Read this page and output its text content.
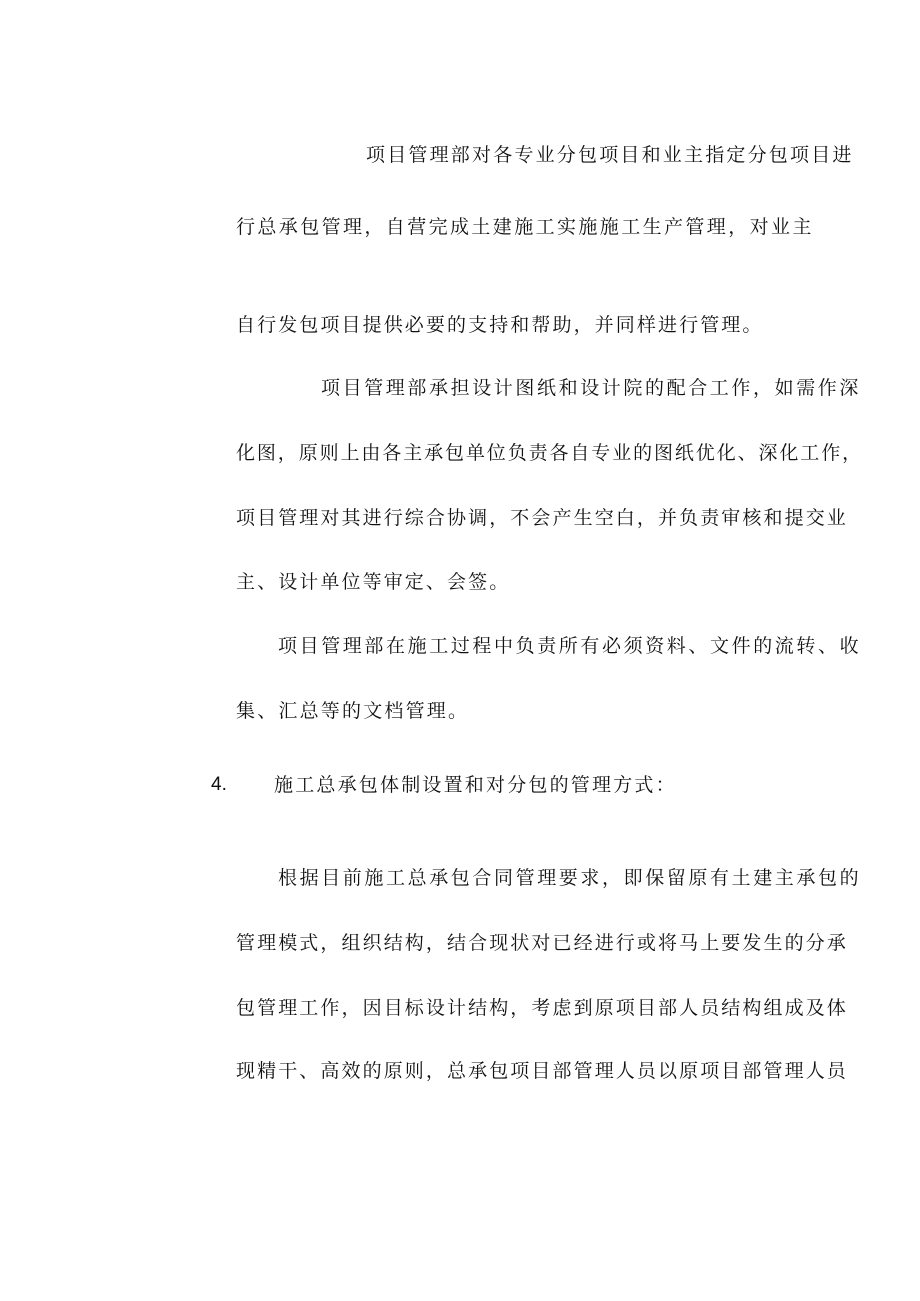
项目管理部对各专业分包项目和业主指定分包项目进

行总承包管理，自营完成土建施工实施施工生产管理，对业主

自行发包项目提供必要的支持和帮助，并同样进行管理。

项目管理部承担设计图纸和设计院的配合工作，如需作深

化图，原则上由各主承包单位负责各自专业的图纸优化、深化工作，

项目管理对其进行综合协调，不会产生空白，并负责审核和提交业

主、设计单位等审定、会签。

项目管理部在施工过程中负责所有必须资料、文件的流转、收

集、汇总等的文档管理。

4. 施工总承包体制设置和对分包的管理方式：

根据目前施工总承包合同管理要求，即保留原有土建主承包的

管理模式，组织结构，结合现状对已经进行或将马上要发生的分承

包管理工作，因目标设计结构，考虑到原项目部人员结构组成及体

现精干、高效的原则，总承包项目部管理人员以原项目部管理人员
